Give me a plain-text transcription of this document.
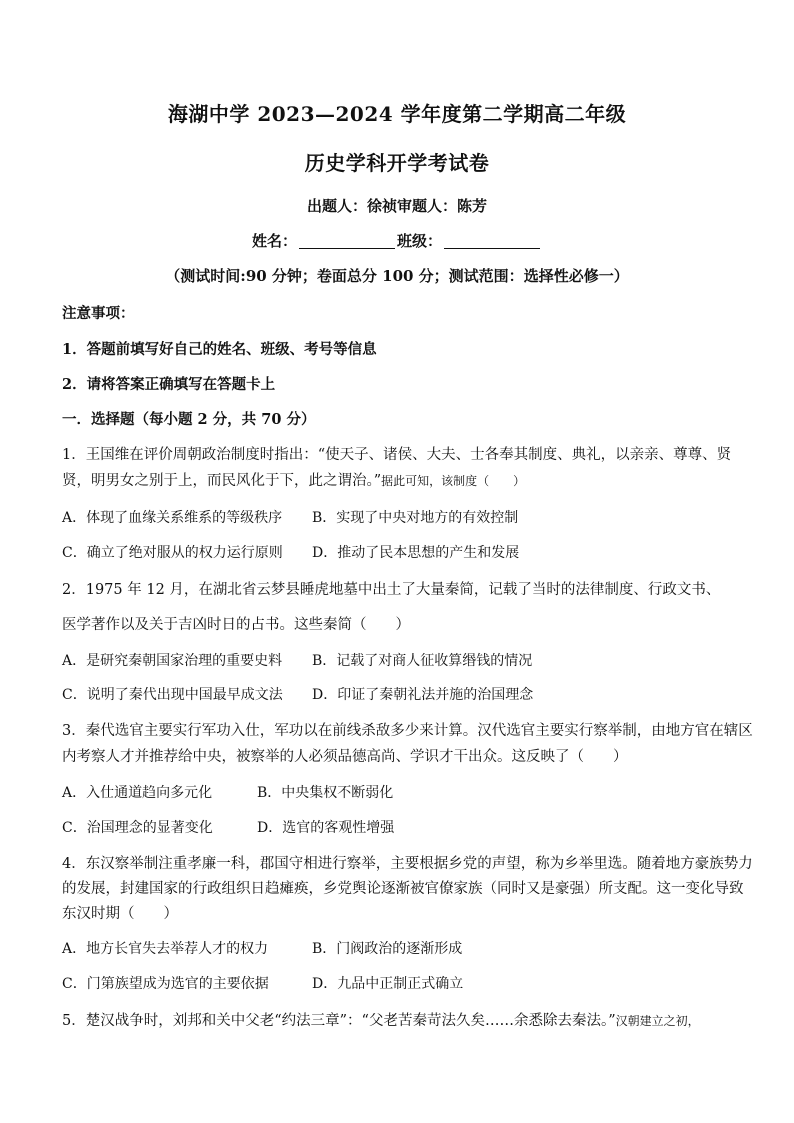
海湖中学 2023—2024 学年度第二学期高二年级
历史学科开学考试卷
出题人：徐祯审题人：陈芳
姓名：	班级：
（测试时间:90 分钟；卷面总分 100 分；测试范围：选择性必修一）
注意事项：
1．答题前填写好自己的姓名、班级、考号等信息
2．请将答案正确填写在答题卡上
一．选择题（每小题 2 分，共 70 分）
1．王国维在评价周朝政治制度时指出：“使天子、诸侯、大夫、士各奉其制度、典礼，以亲亲、尊尊、贤
贤，明男女之别于上，而民风化于下，此之谓治。”据此可知，该制度（　　）
A．体现了血缘关系维系的等级秩序 B．实现了中央对地方的有效控制
C．确立了绝对服从的权力运行原则 D．推动了民本思想的产生和发展
2．1975 年 12 月，在湖北省云梦县睡虎地墓中出土了大量秦简，记载了当时的法律制度、行政文书、
医学著作以及关于吉凶时日的占书。这些秦简（　　）
A．是研究秦朝国家治理的重要史料 B．记载了对商人征收算缗钱的情况
C．说明了秦代出现中国最早成文法 D．印证了秦朝礼法并施的治国理念
3．秦代选官主要实行军功入仕，军功以在前线杀敌多少来计算。汉代选官主要实行察举制，由地方官在辖区
内考察人才并推荐给中央，被察举的人必须品德高尚、学识才干出众。这反映了（　　）
A．入仕通道趋向多元化	B．中央集权不断弱化
C．治国理念的显著变化	D．选官的客观性增强
4．东汉察举制注重孝廉一科，郡国守相进行察举，主要根据乡党的声望，称为乡举里选。随着地方豪族势力
的发展，封建国家的行政组织日趋瘫痪，乡党舆论逐渐被官僚家族（同时又是豪强）所支配。这一变化导致
东汉时期（　　）
A．地方长官失去举荐人才的权力	B．门阀政治的逐渐形成
C．门第族望成为选官的主要依据	D．九品中正制正式确立
5．楚汉战争时，刘邦和关中父老“约法三章”：“父老苦秦苛法久矣……余悉除去秦法。”汉朝建立之初，
